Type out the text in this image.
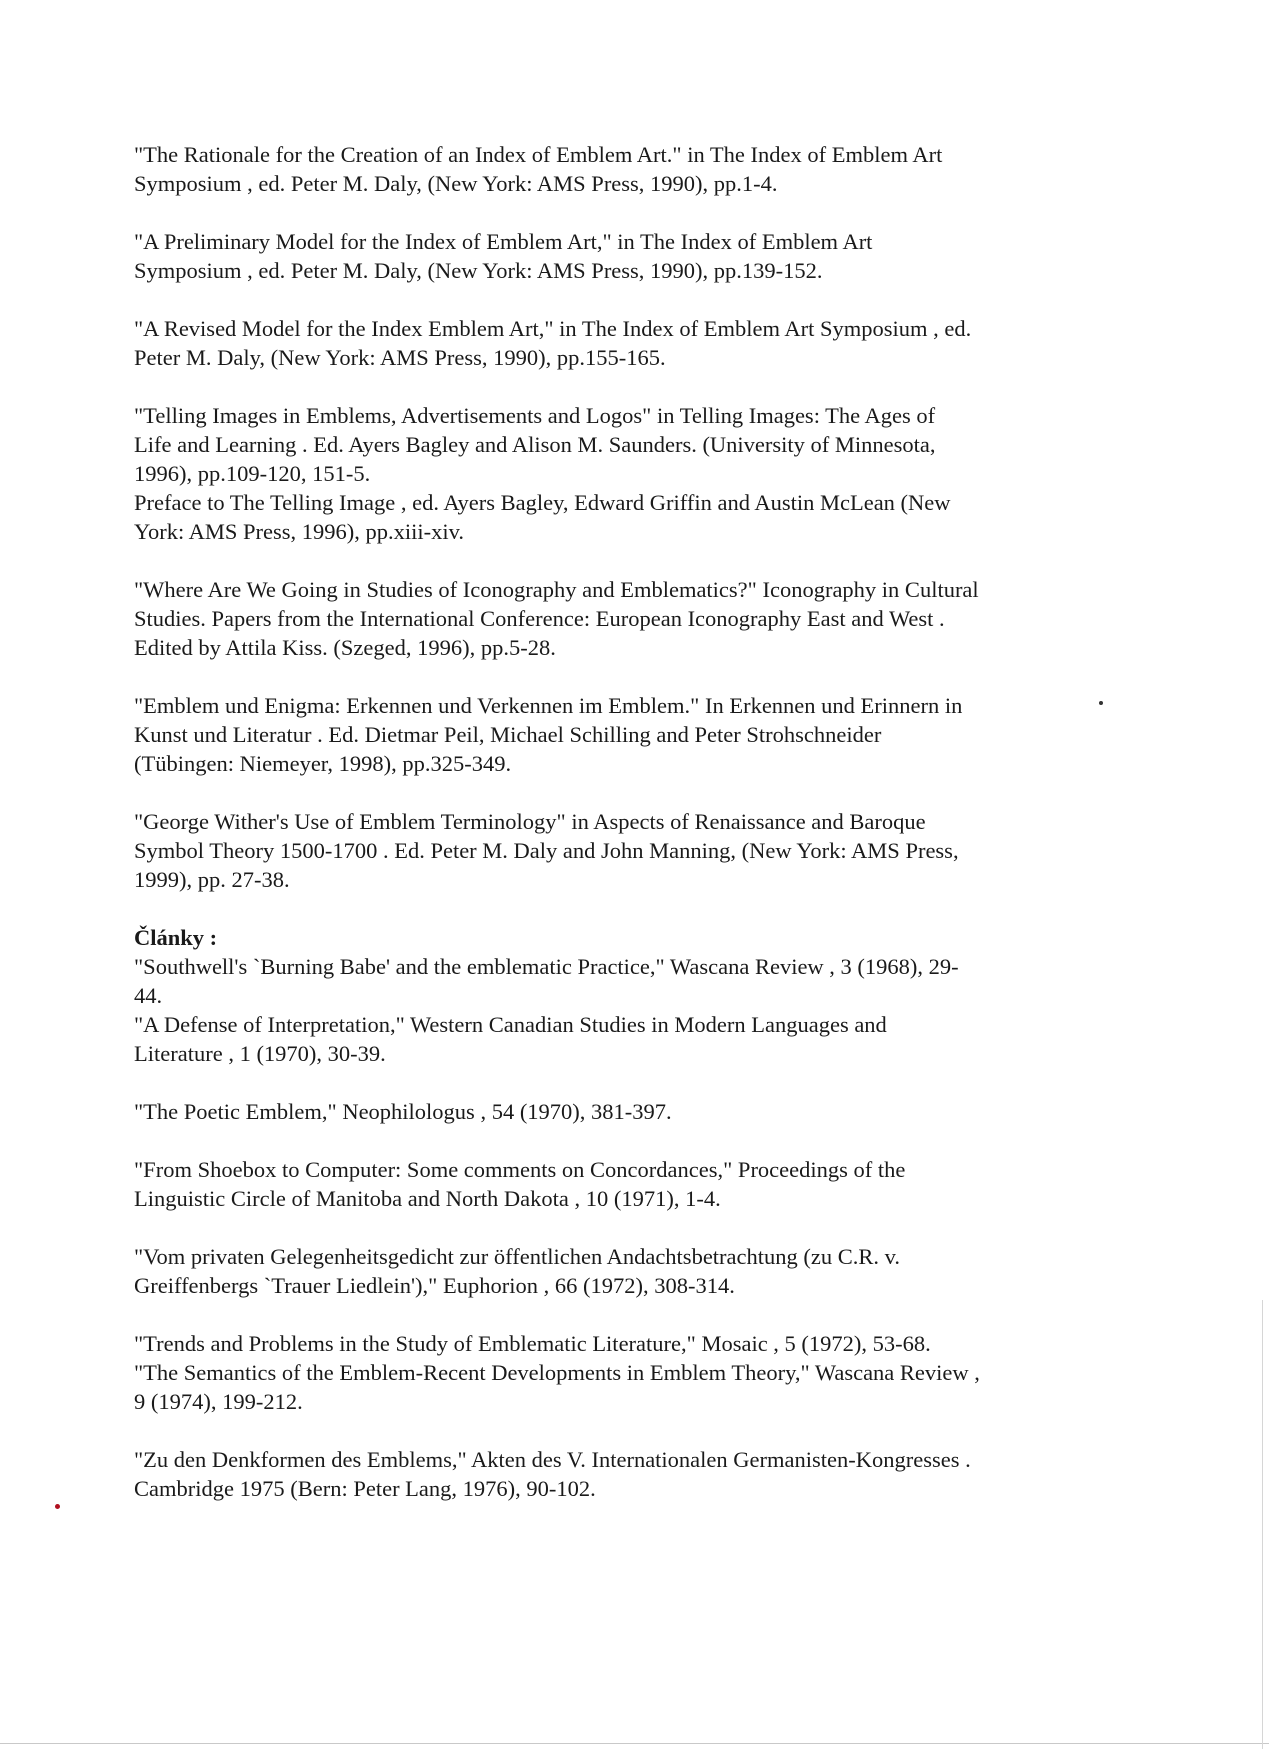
"The Rationale for the Creation of an Index of Emblem Art." in The Index of Emblem Art
Symposium , ed. Peter M. Daly, (New York: AMS Press, 1990), pp.1-4.

"A Preliminary Model for the Index of Emblem Art," in The Index of Emblem Art
Symposium , ed. Peter M. Daly, (New York: AMS Press, 1990), pp.139-152.

"A Revised Model for the Index Emblem Art," in The Index of Emblem Art Symposium , ed.
Peter M. Daly, (New York: AMS Press, 1990), pp.155-165.

"Telling Images in Emblems, Advertisements and Logos" in Telling Images: The Ages of
Life and Learning . Ed. Ayers Bagley and Alison M. Saunders. (University of Minnesota,
1996), pp.109-120, 151-5.
Preface to The Telling Image , ed. Ayers Bagley, Edward Griffin and Austin McLean (New
York: AMS Press, 1996), pp.xiii-xiv.

"Where Are We Going in Studies of Iconography and Emblematics?" Iconography in Cultural
Studies. Papers from the International Conference: European Iconography East and West .
Edited by Attila Kiss. (Szeged, 1996), pp.5-28.

"Emblem und Enigma: Erkennen und Verkennen im Emblem." In Erkennen und Erinnern in
Kunst und Literatur . Ed. Dietmar Peil, Michael Schilling and Peter Strohschneider
(Tübingen: Niemeyer, 1998), pp.325-349.

"George Wither's Use of Emblem Terminology" in Aspects of Renaissance and Baroque
Symbol Theory 1500-1700 . Ed. Peter M. Daly and John Manning, (New York: AMS Press,
1999), pp. 27-38.

Články :

"Southwell's `Burning Babe' and the emblematic Practice," Wascana Review , 3 (1968), 29-
44.
"A Defense of Interpretation," Western Canadian Studies in Modern Languages and
Literature , 1 (1970), 30-39.

"The Poetic Emblem," Neophilologus , 54 (1970), 381-397.

"From Shoebox to Computer: Some comments on Concordances," Proceedings of the
Linguistic Circle of Manitoba and North Dakota , 10 (1971), 1-4.

"Vom privaten Gelegenheitsgedicht zur öffentlichen Andachtsbetrachtung (zu C.R. v.
Greiffenbergs `Trauer Liedlein')," Euphorion , 66 (1972), 308-314.

"Trends and Problems in the Study of Emblematic Literature," Mosaic , 5 (1972), 53-68.
"The Semantics of the Emblem-Recent Developments in Emblem Theory," Wascana Review ,
9 (1974), 199-212.

"Zu den Denkformen des Emblems," Akten des V. Internationalen Germanisten-Kongresses .
Cambridge 1975 (Bern: Peter Lang, 1976), 90-102.
